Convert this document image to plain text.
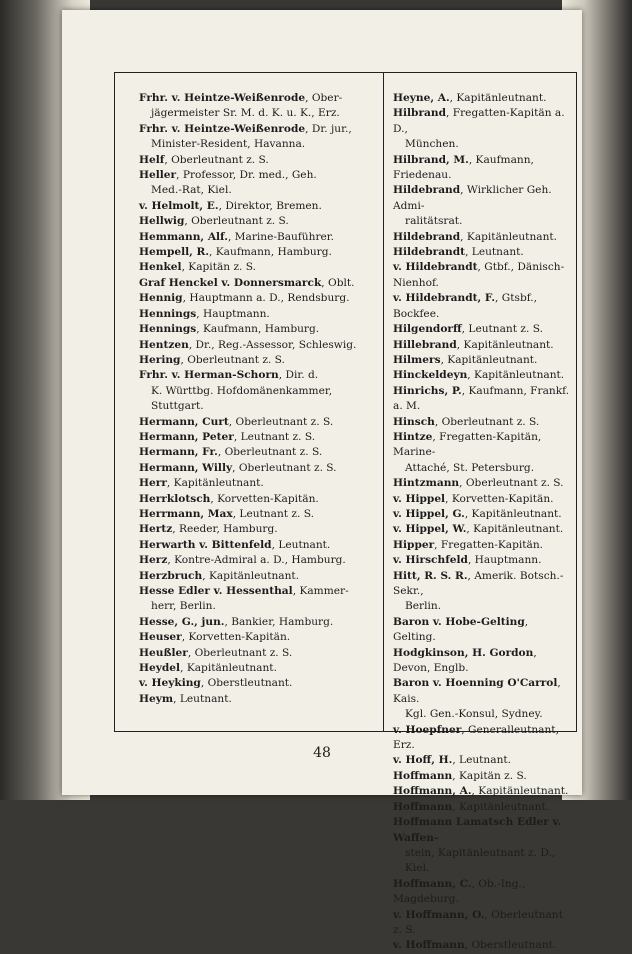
Frhr. v. Heintze-Weißenrode, Ober-
jägermeister Sr. M. d. K. u. K., Erz.
Frhr. v. Heintze-Weißenrode, Dr. jur.,
Minister-Resident, Havanna.
Helf, Oberleutnant z. S.
Heller, Professor, Dr. med., Geh.
Med.-Rat, Kiel.
v. Helmolt, E., Direktor, Bremen.
Hellwig, Oberleutnant z. S.
Hemmann, Alf., Marine-Bauführer.
Hempell, R., Kaufmann, Hamburg.
Henkel, Kapitän z. S.
Graf Henckel v. Donnersmarck, Oblt.
Hennig, Hauptmann a. D., Rendsburg.
Hennings, Hauptmann.
Hennings, Kaufmann, Hamburg.
Hentzen, Dr., Reg.-Assessor, Schleswig.
Hering, Oberleutnant z. S.
Frhr. v. Herman-Schorn, Dir. d.
K. Württbg. Hofdomänenkammer,
Stuttgart.
Hermann, Curt, Oberleutnant z. S.
Hermann, Peter, Leutnant z. S.
Hermann, Fr., Oberleutnant z. S.
Hermann, Willy, Oberleutnant z. S.
Herr, Kapitänleutnant.
Herrklotsch, Korvetten-Kapitän.
Herrmann, Max, Leutnant z. S.
Hertz, Reeder, Hamburg.
Herwarth v. Bittenfeld, Leutnant.
Herz, Kontre-Admiral a. D., Hamburg.
Herzbruch, Kapitänleutnant.
Hesse Edler v. Hessenthal, Kammer-
herr, Berlin.
Hesse, G., jun., Bankier, Hamburg.
Heuser, Korvetten-Kapitän.
Heußler, Oberleutnant z. S.
Heydel, Kapitänleutnant.
v. Heyking, Oberstleutnant.
Heym, Leutnant.
Heyne, A., Kapitänleutnant.
Hilbrand, Fregatten-Kapitän a. D.,
München.
Hilbrand, M., Kaufmann, Friedenau.
Hildebrand, Wirklicher Geh. Admi-
ralitätsrat.
Hildebrand, Kapitänleutnant.
Hildebrandt, Leutnant.
v. Hildebrandt, Gtbf., Dänisch-Nienhof.
v. Hildebrandt, F., Gtsbf., Bockfee.
Hilgendorff, Leutnant z. S.
Hillebrand, Kapitänleutnant.
Hilmers, Kapitänleutnant.
Hinckeldeyn, Kapitänleutnant.
Hinrichs, P., Kaufmann, Frankf. a. M.
Hinsch, Oberleutnant z. S.
Hintze, Fregatten-Kapitän, Marine-
Attaché, St. Petersburg.
Hintzmann, Oberleutnant z. S.
v. Hippel, Korvetten-Kapitän.
v. Hippel, G., Kapitänleutnant.
v. Hippel, W., Kapitänleutnant.
Hipper, Fregatten-Kapitän.
v. Hirschfeld, Hauptmann.
Hitt, R. S. R., Amerik. Botsch.-Sekr.,
Berlin.
Baron v. Hobe-Gelting, Gelting.
Hodgkinson, H. Gordon, Devon, Englb.
Baron v. Hoenning O'Carrol, Kais.
Kgl. Gen.-Konsul, Sydney.
v. Hoepfner, Generalleutnant, Erz.
v. Hoff, H., Leutnant.
Hoffmann, Kapitän z. S.
Hoffmann, A., Kapitänleutnant.
Hoffmann, Kapitänleutnant.
Hoffmann Lamatsch Edler v. Waffen-
stein, Kapitänleutnant z. D., Kiel.
Hoffmann, C., Ob.-Ing., Magdeburg.
v. Hoffmann, O., Oberleutnant z. S.
v. Hoffmann, Oberstleutnant.
48
